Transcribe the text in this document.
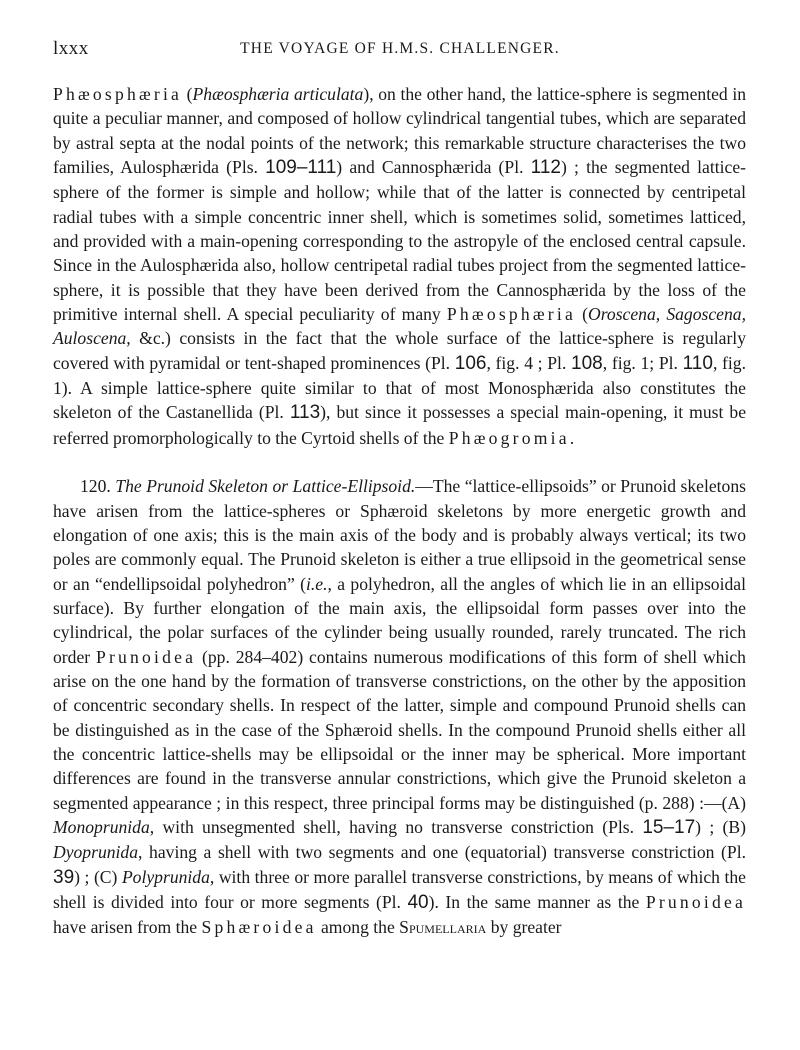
lxxx	THE VOYAGE OF H.M.S. CHALLENGER.

Phæosphæria (Phæosphæria articulata), on the other hand, the lattice-sphere is segmented in quite a peculiar manner, and composed of hollow cylindrical tangential tubes, which are separated by astral septa at the nodal points of the network; this remarkable structure characterises the two families, Aulosphærida (Pls. 109–111) and Cannosphærida (Pl. 112) ; the segmented lattice-sphere of the former is simple and hollow; while that of the latter is connected by centripetal radial tubes with a simple concentric inner shell, which is sometimes solid, sometimes latticed, and provided with a main-opening corresponding to the astropyle of the enclosed central capsule. Since in the Aulosphærida also, hollow centripetal radial tubes project from the segmented lattice-sphere, it is possible that they have been derived from the Cannosphærida by the loss of the primitive internal shell. A special peculiarity of many Phæosphæria (Oroscena, Sagoscena, Auloscena, &c.) consists in the fact that the whole surface of the lattice-sphere is regularly covered with pyramidal or tent-shaped prominences (Pl. 106, fig. 4 ; Pl. 108, fig. 1; Pl. 110, fig. 1). A simple lattice-sphere quite similar to that of most Monosphærida also constitutes the skeleton of the Castanellida (Pl. 113), but since it possesses a special main-opening, it must be referred promorphologically to the Cyrtoid shells of the Phæogromia.

120. The Prunoid Skeleton or Lattice-Ellipsoid.—The “lattice-ellipsoids” or Prunoid skeletons have arisen from the lattice-spheres or Sphæroid skeletons by more energetic growth and elongation of one axis; this is the main axis of the body and is probably always vertical; its two poles are commonly equal. The Prunoid skeleton is either a true ellipsoid in the geometrical sense or an “endellipsoidal polyhedron” (i.e., a polyhedron, all the angles of which lie in an ellipsoidal surface). By further elongation of the main axis, the ellipsoidal form passes over into the cylindrical, the polar surfaces of the cylinder being usually rounded, rarely truncated. The rich order Prunoidea (pp. 284–402) contains numerous modifications of this form of shell which arise on the one hand by the formation of transverse constrictions, on the other by the apposition of concentric secondary shells. In respect of the latter, simple and compound Prunoid shells can be distinguished as in the case of the Sphæroid shells. In the compound Prunoid shells either all the concentric lattice-shells may be ellipsoidal or the inner may be spherical. More important differences are found in the transverse annular constrictions, which give the Prunoid skeleton a segmented appearance ; in this respect, three principal forms may be distinguished (p. 288) :—(A) Monoprunida, with unsegmented shell, having no transverse constriction (Pls. 15–17) ; (B) Dyoprunida, having a shell with two segments and one (equatorial) transverse constriction (Pl. 39) ; (C) Polyprunida, with three or more parallel transverse constrictions, by means of which the shell is divided into four or more segments (Pl. 40). In the same manner as the Prunoidea have arisen from the Sphæroidea among the Spumellaria by greater
